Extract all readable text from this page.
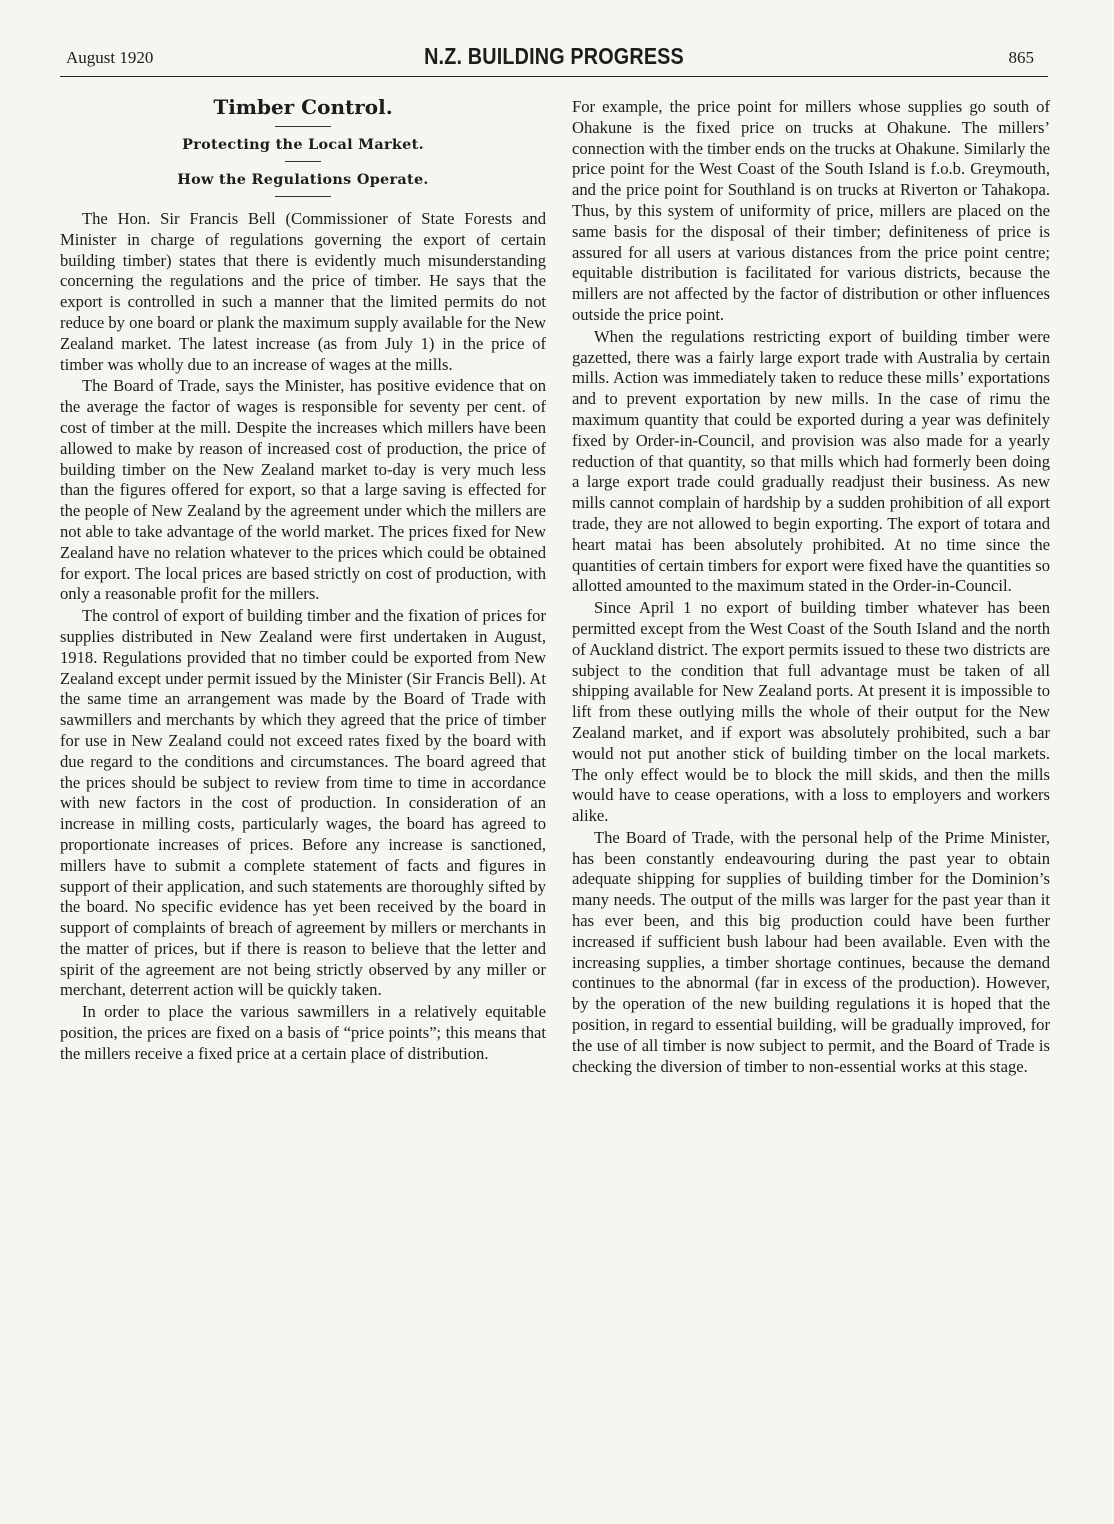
August 1920	N.Z. BUILDING PROGRESS	865
Timber Control.
Protecting the Local Market.
How the Regulations Operate.

The Hon. Sir Francis Bell (Commissioner of State Forests and Minister in charge of regulations governing the export of certain building timber) states that there is evidently much misunderstanding concerning the regulations and the price of timber. He says that the export is controlled in such a manner that the limited permits do not reduce by one board or plank the maximum supply available for the New Zealand market. The latest increase (as from July 1) in the price of timber was wholly due to an increase of wages at the mills.

The Board of Trade, says the Minister, has positive evidence that on the average the factor of wages is responsible for seventy per cent. of cost of timber at the mill. Despite the increases which millers have been allowed to make by reason of increased cost of production, the price of building timber on the New Zealand market to-day is very much less than the figures offered for export, so that a large saving is effected for the people of New Zealand by the agreement under which the millers are not able to take advantage of the world market. The prices fixed for New Zealand have no relation whatever to the prices which could be obtained for export. The local prices are based strictly on cost of production, with only a reasonable profit for the millers.

The control of export of building timber and the fixation of prices for supplies distributed in New Zealand were first undertaken in August, 1918. Regulations provided that no timber could be exported from New Zealand except under permit issued by the Minister (Sir Francis Bell). At the same time an arrangement was made by the Board of Trade with sawmillers and merchants by which they agreed that the price of timber for use in New Zealand could not exceed rates fixed by the board with due regard to the conditions and circumstances. The board agreed that the prices should be subject to review from time to time in accordance with new factors in the cost of production. In consideration of an increase in milling costs, particularly wages, the board has agreed to proportionate increases of prices. Before any increase is sanctioned, millers have to submit a complete statement of facts and figures in support of their application, and such statements are thoroughly sifted by the board. No specific evidence has yet been received by the board in support of complaints of breach of agreement by millers or merchants in the matter of prices, but if there is reason to believe that the letter and spirit of the agreement are not being strictly observed by any miller or merchant, deterrent action will be quickly taken.

In order to place the various sawmillers in a relatively equitable position, the prices are fixed on a basis of “price points”; this means that the millers receive a fixed price at a certain place of distribution.

For example, the price point for millers whose supplies go south of Ohakune is the fixed price on trucks at Ohakune. The millers’ connection with the timber ends on the trucks at Ohakune. Similarly the price point for the West Coast of the South Island is f.o.b. Greymouth, and the price point for Southland is on trucks at Riverton or Tahakopa. Thus, by this system of uniformity of price, millers are placed on the same basis for the disposal of their timber; definiteness of price is assured for all users at various distances from the price point centre; equitable distribution is facilitated for various districts, because the millers are not affected by the factor of distribution or other influences outside the price point.

When the regulations restricting export of building timber were gazetted, there was a fairly large export trade with Australia by certain mills. Action was immediately taken to reduce these mills’ exportations and to prevent exportation by new mills. In the case of rimu the maximum quantity that could be exported during a year was definitely fixed by Order-in-Council, and provision was also made for a yearly reduction of that quantity, so that mills which had formerly been doing a large export trade could gradually readjust their business. As new mills cannot complain of hardship by a sudden prohibition of all export trade, they are not allowed to begin exporting. The export of totara and heart matai has been absolutely prohibited. At no time since the quantities of certain timbers for export were fixed have the quantities so allotted amounted to the maximum stated in the Order-in-Council.

Since April 1 no export of building timber whatever has been permitted except from the West Coast of the South Island and the north of Auckland district. The export permits issued to these two districts are subject to the condition that full advantage must be taken of all shipping available for New Zealand ports. At present it is impossible to lift from these outlying mills the whole of their output for the New Zealand market, and if export was absolutely prohibited, such a bar would not put another stick of building timber on the local markets. The only effect would be to block the mill skids, and then the mills would have to cease operations, with a loss to employers and workers alike.

The Board of Trade, with the personal help of the Prime Minister, has been constantly endeavouring during the past year to obtain adequate shipping for supplies of building timber for the Dominion’s many needs. The output of the mills was larger for the past year than it has ever been, and this big production could have been further increased if sufficient bush labour had been available. Even with the increasing supplies, a timber shortage continues, because the demand continues to the abnormal (far in excess of the production). However, by the operation of the new building regulations it is hoped that the position, in regard to essential building, will be gradually improved, for the use of all timber is now subject to permit, and the Board of Trade is checking the diversion of timber to non-essential works at this stage.
